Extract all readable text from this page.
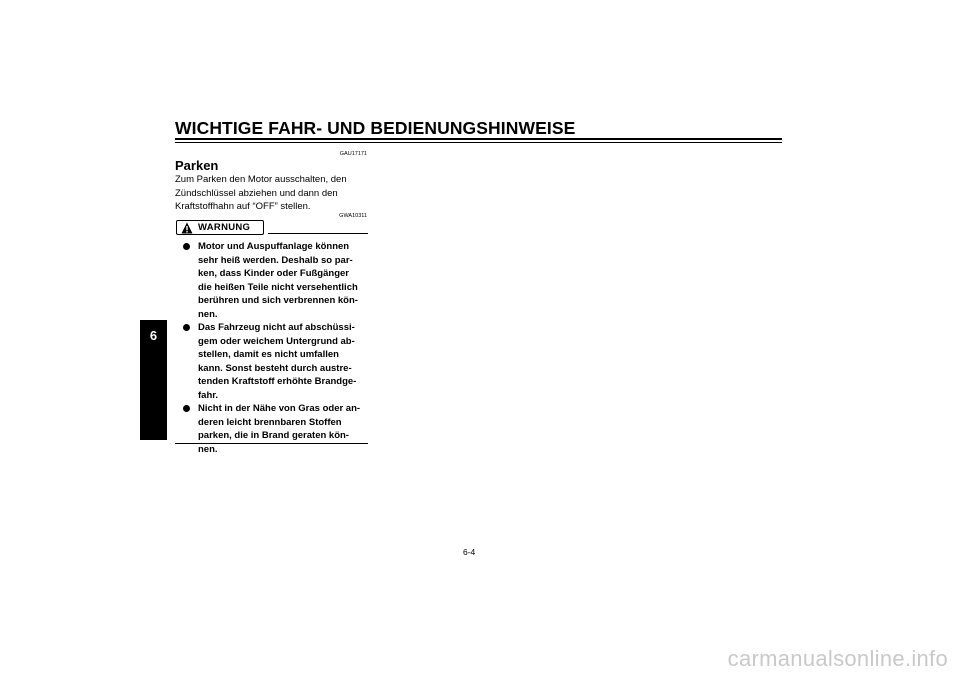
WICHTIGE FAHR- UND BEDIENUNGSHINWEISE
6
GAU17171
Parken
Zum Parken den Motor ausschalten, den
Zündschlüssel abziehen und dann den
Kraftstoffhahn auf “OFF” stellen.
GWA10311
WARNUNG
Motor und Auspuffanlage können
sehr heiß werden. Deshalb so par-
ken, dass Kinder oder Fußgänger
die heißen Teile nicht versehentlich
berühren und sich verbrennen kön-
nen.
Das Fahrzeug nicht auf abschüssi-
gem oder weichem Untergrund ab-
stellen, damit es nicht umfallen
kann. Sonst besteht durch austre-
tenden Kraftstoff erhöhte Brandge-
fahr.
Nicht in der Nähe von Gras oder an-
deren leicht brennbaren Stoffen
parken, die in Brand geraten kön-
nen.
6-4
carmanualsonline.info
